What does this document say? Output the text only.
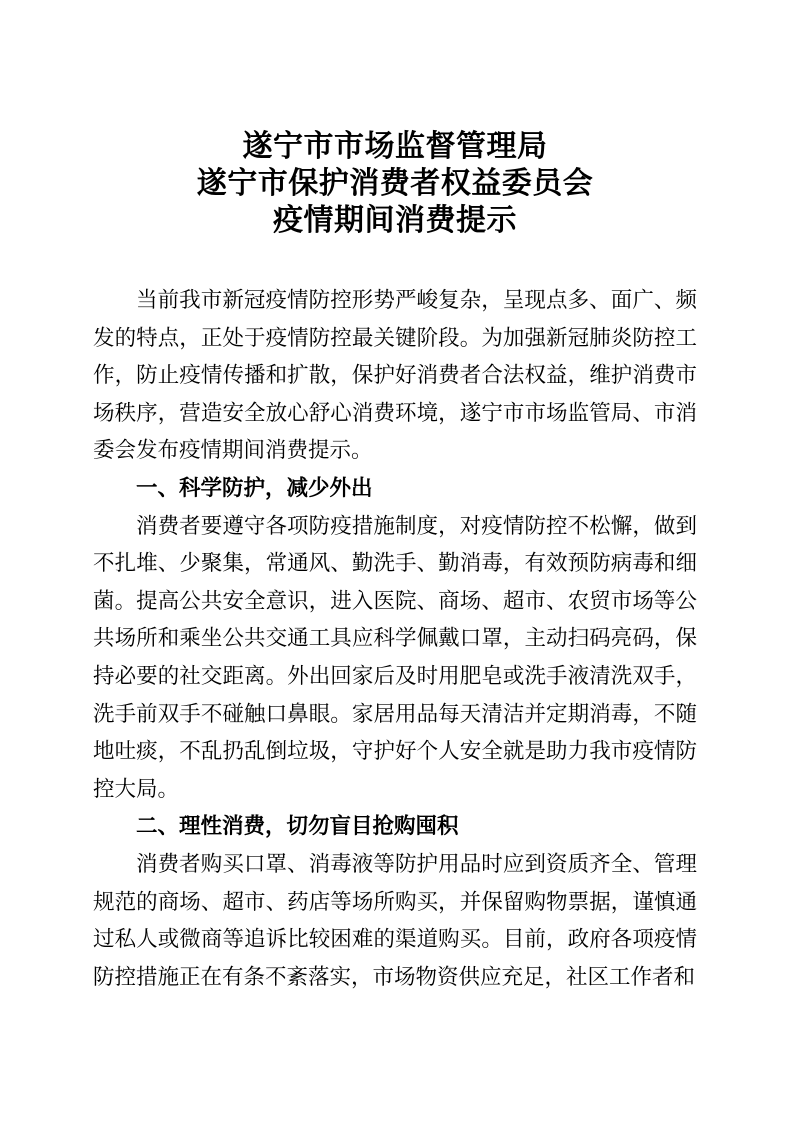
遂宁市市场监督管理局
遂宁市保护消费者权益委员会
疫情期间消费提示

当前我市新冠疫情防控形势严峻复杂，呈现点多、面广、频发的特点，正处于疫情防控最关键阶段。为加强新冠肺炎防控工作，防止疫情传播和扩散，保护好消费者合法权益，维护消费市场秩序，营造安全放心舒心消费环境，遂宁市市场监管局、市消委会发布疫情期间消费提示。

一、科学防护，减少外出

消费者要遵守各项防疫措施制度，对疫情防控不松懈，做到不扎堆、少聚集，常通风、勤洗手、勤消毒，有效预防病毒和细菌。提高公共安全意识，进入医院、商场、超市、农贸市场等公共场所和乘坐公共交通工具应科学佩戴口罩，主动扫码亮码，保持必要的社交距离。外出回家后及时用肥皂或洗手液清洗双手，洗手前双手不碰触口鼻眼。家居用品每天清洁并定期消毒，不随地吐痰，不乱扔乱倒垃圾，守护好个人安全就是助力我市疫情防控大局。

二、理性消费，切勿盲目抢购囤积

消费者购买口罩、消毒液等防护用品时应到资质齐全、管理规范的商场、超市、药店等场所购买，并保留购物票据，谨慎通过私人或微商等追诉比较困难的渠道购买。目前，政府各项疫情防控措施正在有条不紊落实，市场物资供应充足，社区工作者和
